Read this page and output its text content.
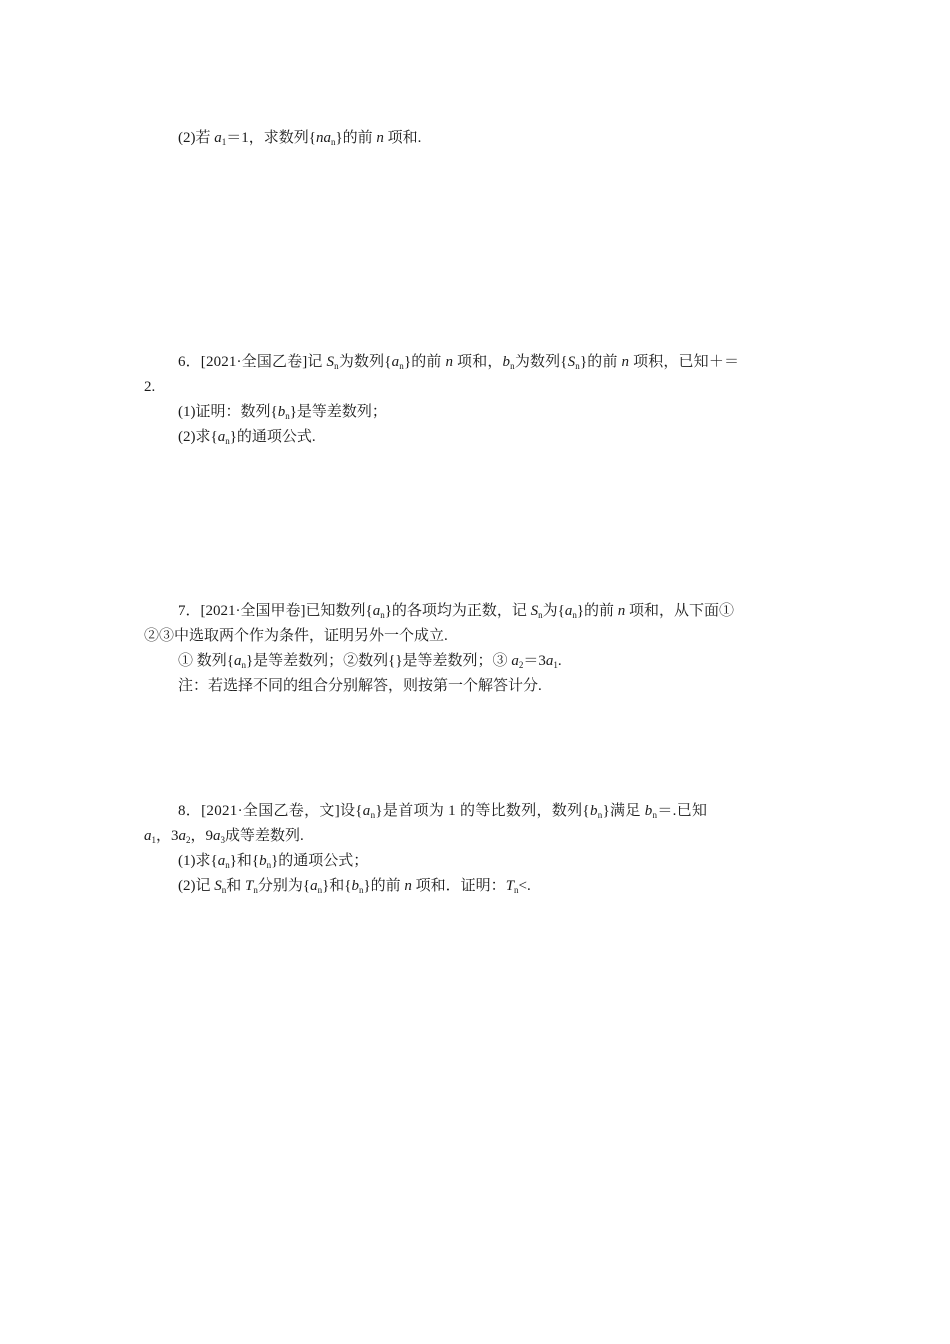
(2)若 $a_1=1$，求数列$\{na_n\}$的前 n 项和.
6．[2021·全国乙卷]记 $S_n$为数列$\{a_n\}$的前 n 项和，$b_n$为数列$\{S_n\}$的前 n 项积，已知＋＝
2.
(1)证明：数列$\{b_n\}$是等差数列；
(2)求$\{a_n\}$的通项公式.
7．[2021·全国甲卷]已知数列$\{a_n\}$的各项均为正数，记 $S_n$为$\{a_n\}$的前 n 项和，从下面①
②③中选取两个作为条件，证明另外一个成立.
① 数列$\{a_n\}$是等差数列；②数列{}是等差数列；③ $a_2=3a_1$.
注：若选择不同的组合分别解答，则按第一个解答计分.
8．[2021·全国乙卷，文]设$\{a_n\}$是首项为 1 的等比数列，数列$\{b_n\}$满足 $b_n=$.已知
$a_1$，$3a_2$，$9a_3$成等差数列.
(1)求$\{a_n\}$和$\{b_n\}$的通项公式；
(2)记 $S_n$和 $T_n$分别为$\{a_n\}$和$\{b_n\}$的前 n 项和．证明：$T_n<$.
